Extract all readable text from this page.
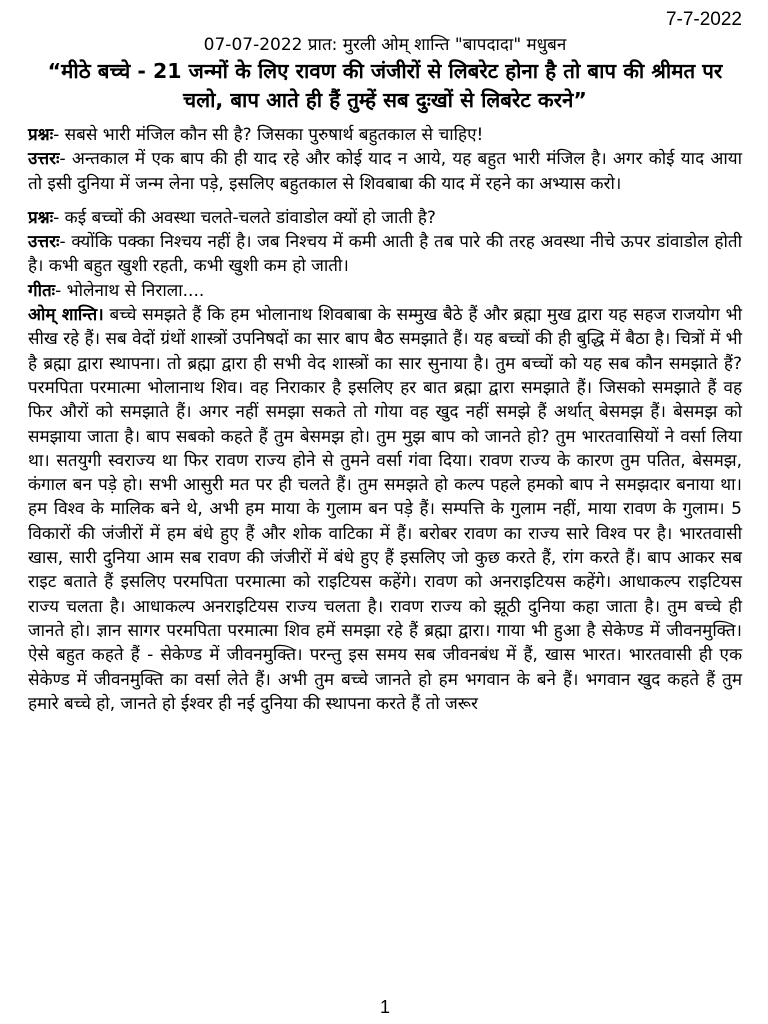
7-7-2022

07-07-2022 प्रात: मुरली ओम् शान्ति "बापदादा" मधुबन

“मीठे बच्चे - 21 जन्मों के लिए रावण की जंजीरों से लिबरेट होना है तो बाप की श्रीमत पर चलो, बाप आते ही हैं तुम्हें सब दुःखों से लिबरेट करने”

प्रश्नः- सबसे भारी मंजिल कौन सी है? जिसका पुरुषार्थ बहुतकाल से चाहिए!

उत्तरः- अन्तकाल में एक बाप की ही याद रहे और कोई याद न आये, यह बहुत भारी मंजिल है। अगर कोई याद आया तो इसी दुनिया में जन्म लेना पड़े, इसलिए बहुतकाल से शिवबाबा की याद में रहने का अभ्यास करो।

प्रश्नः- कई बच्चों की अवस्था चलते-चलते डांवाडोल क्यों हो जाती है?

उत्तरः- क्योंकि पक्का निश्चय नहीं है। जब निश्चय में कमी आती है तब पारे की तरह अवस्था नीचे ऊपर डांवाडोल होती है। कभी बहुत खुशी रहती, कभी खुशी कम हो जाती।

गीतः- भोलेनाथ से निराला....

ओम् शान्ति। बच्चे समझते हैं कि हम भोलानाथ शिवबाबा के सम्मुख बैठे हैं और ब्रह्मा मुख द्वारा यह सहज राजयोग भी सीख रहे हैं। सब वेदों ग्रंथों शास्त्रों उपनिषदों का सार बाप बैठ समझाते हैं। यह बच्चों की ही बुद्धि में बैठा है। चित्रों में भी है ब्रह्मा द्वारा स्थापना। तो ब्रह्मा द्वारा ही सभी वेद शास्त्रों का सार सुनाया है। तुम बच्चों को यह सब कौन समझाते हैं? परमपिता परमात्मा भोलानाथ शिव। वह निराकार है इसलिए हर बात ब्रह्मा द्वारा समझाते हैं। जिसको समझाते हैं वह फिर औरों को समझाते हैं। अगर नहीं समझा सकते तो गोया वह खुद नहीं समझे हैं अर्थात् बेसमझ हैं। बेसमझ को समझाया जाता है। बाप सबको कहते हैं तुम बेसमझ हो। तुम मुझ बाप को जानते हो? तुम भारतवासियों ने वर्सा लिया था। सतयुगी स्वराज्य था फिर रावण राज्य होने से तुमने वर्सा गंवा दिया। रावण राज्य के कारण तुम पतित, बेसमझ, कंगाल बन पड़े हो। सभी आसुरी मत पर ही चलते हैं। तुम समझते हो कल्प पहले हमको बाप ने समझदार बनाया था। हम विश्व के मालिक बने थे, अभी हम माया के गुलाम बन पड़े हैं। सम्पत्ति के गुलाम नहीं, माया रावण के गुलाम। 5 विकारों की जंजीरों में हम बंधे हुए हैं और शोक वाटिका में हैं। बरोबर रावण का राज्य सारे विश्व पर है। भारतवासी खास, सारी दुनिया आम सब रावण की जंजीरों में बंधे हुए हैं इसलिए जो कुछ करते हैं, रांग करते हैं। बाप आकर सब राइट बताते हैं इसलिए परमपिता परमात्मा को राइटियस कहेंगे। रावण को अनराइटियस कहेंगे। आधाकल्प राइटियस राज्य चलता है। आधाकल्प अनराइटियस राज्य चलता है। रावण राज्य को झूठी दुनिया कहा जाता है। तुम बच्चे ही जानते हो। ज्ञान सागर परमपिता परमात्मा शिव हमें समझा रहे हैं ब्रह्मा द्वारा। गाया भी हुआ है सेकेण्ड में जीवनमुक्ति। ऐसे बहुत कहते हैं - सेकेण्ड में जीवनमुक्ति। परन्तु इस समय सब जीवनबंध में हैं, खास भारत। भारतवासी ही एक सेकेण्ड में जीवनमुक्ति का वर्सा लेते हैं। अभी तुम बच्चे जानते हो हम भगवान के बने हैं। भगवान खुद कहते हैं तुम हमारे बच्चे हो, जानते हो ईश्वर ही नई दुनिया की स्थापना करते हैं तो जरूर

1
